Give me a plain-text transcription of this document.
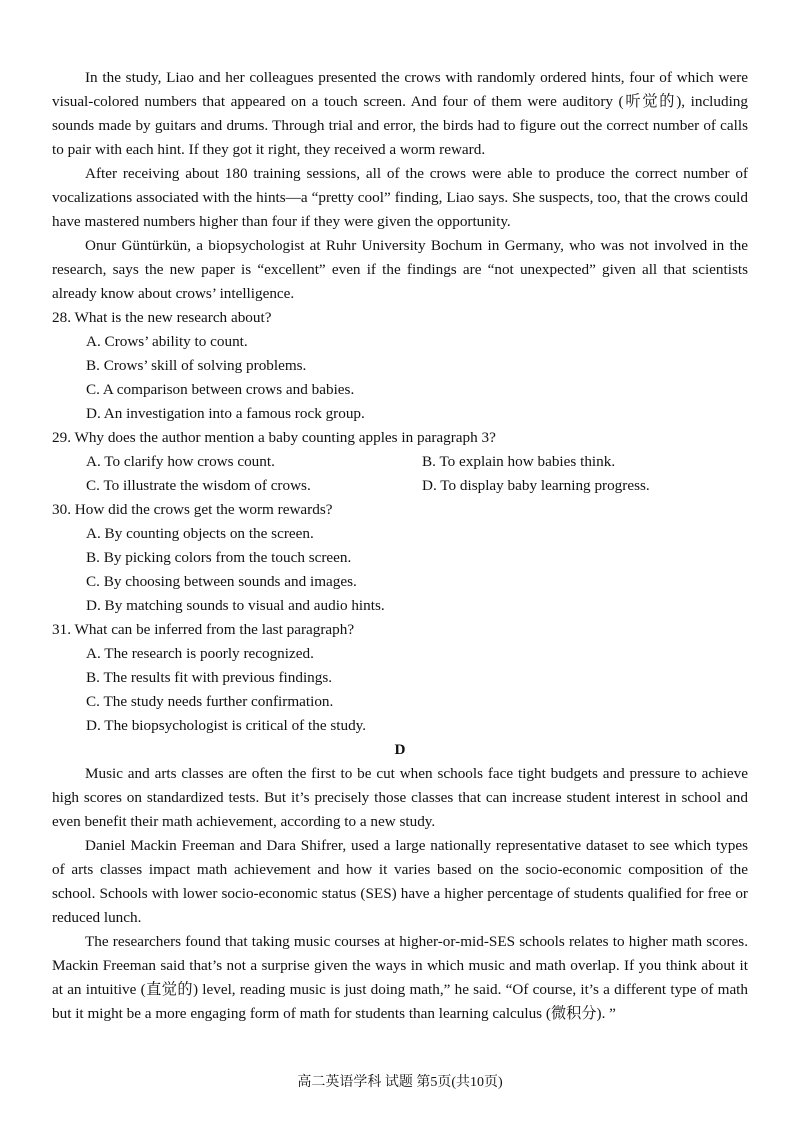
In the study, Liao and her colleagues presented the crows with randomly ordered hints, four of which were visual-colored numbers that appeared on a touch screen. And four of them were auditory (听觉的), including sounds made by guitars and drums. Through trial and error, the birds had to figure out the correct number of calls to pair with each hint. If they got it right, they received a worm reward.

After receiving about 180 training sessions, all of the crows were able to produce the correct number of vocalizations associated with the hints—a “pretty cool” finding, Liao says. She suspects, too, that the crows could have mastered numbers higher than four if they were given the opportunity.

Onur Güntürkün, a biopsychologist at Ruhr University Bochum in Germany, who was not involved in the research, says the new paper is “excellent” even if the findings are “not unexpected” given all that scientists already know about crows’ intelligence.

28. What is the new research about?

A. Crows’ ability to count.

B. Crows’ skill of solving problems.

C. A comparison between crows and babies.

D. An investigation into a famous rock group.

29. Why does the author mention a baby counting apples in paragraph 3?

A. To clarify how crows count.	B. To explain how babies think.
C. To illustrate the wisdom of crows.	D. To display baby learning progress.

30. How did the crows get the worm rewards?

A. By counting objects on the screen.

B. By picking colors from the touch screen.

C. By choosing between sounds and images.

D. By matching sounds to visual and audio hints.

31. What can be inferred from the last paragraph?

A. The research is poorly recognized.

B. The results fit with previous findings.

C. The study needs further confirmation.

D. The biopsychologist is critical of the study.

D

Music and arts classes are often the first to be cut when schools face tight budgets and pressure to achieve high scores on standardized tests. But it’s precisely those classes that can increase student interest in school and even benefit their math achievement, according to a new study.

Daniel Mackin Freeman and Dara Shifrer, used a large nationally representative dataset to see which types of arts classes impact math achievement and how it varies based on the socio-economic composition of the school. Schools with lower socio-economic status (SES) have a higher percentage of students qualified for free or reduced lunch.

The researchers found that taking music courses at higher-or-mid-SES schools relates to higher math scores. Mackin Freeman said that’s not a surprise given the ways in which music and math overlap. If you think about it at an intuitive (直觉的) level, reading music is just doing math,” he said. “Of course, it’s a different type of math but it might be a more engaging form of math for students than learning calculus (微积分). ”

高二英语学科 试题 第5页(共10页)
